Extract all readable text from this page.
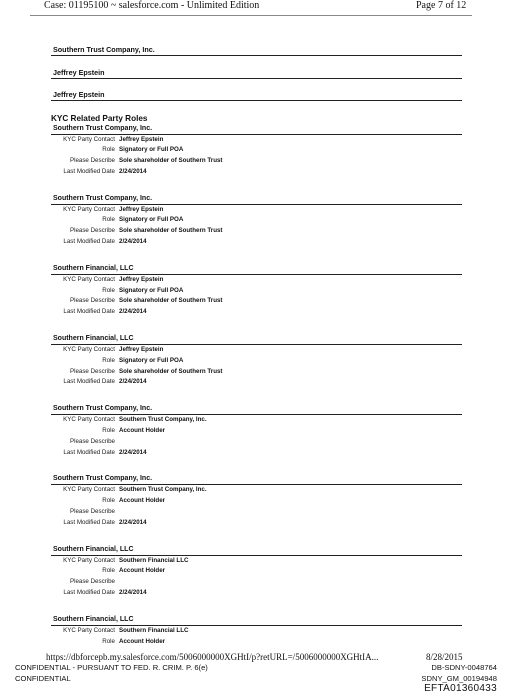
Case: 01195100 ~ salesforce.com - Unlimited Edition	Page 7 of 12
Southern Trust Company, Inc.
Jeffrey Epstein
Jeffrey Epstein
KYC Related Party Roles
Southern Trust Company, Inc.
KYC Party Contact Jeffrey Epstein
Role Signatory or Full POA
Please Describe Sole shareholder of Southern Trust
Last Modified Date 2/24/2014
Southern Trust Company, Inc.
KYC Party Contact Jeffrey Epstein
Role Signatory or Full POA
Please Describe Sole shareholder of Southern Trust
Last Modified Date 2/24/2014
Southern Financial, LLC
KYC Party Contact Jeffrey Epstein
Role Signatory or Full POA
Please Describe Sole shareholder of Southern Trust
Last Modified Date 2/24/2014
Southern Financial, LLC
KYC Party Contact Jeffrey Epstein
Role Signatory or Full POA
Please Describe Sole shareholder of Southern Trust
Last Modified Date 2/24/2014
Southern Trust Company, Inc.
KYC Party Contact Southern Trust Company, Inc.
Role Account Holder
Please Describe
Last Modified Date 2/24/2014
Southern Trust Company, Inc.
KYC Party Contact Southern Trust Company, Inc.
Role Account Holder
Please Describe
Last Modified Date 2/24/2014
Southern Financial, LLC
KYC Party Contact Southern Financial LLC
Role Account Holder
Please Describe
Last Modified Date 2/24/2014
Southern Financial, LLC
KYC Party Contact Southern Financial LLC
Role Account Holder
https://dbforcepb.my.salesforce.com/5006000000XGHtI/p?retURL=/5006000000XGHtIA...	8/28/2015
CONFIDENTIAL - PURSUANT TO FED. R. CRIM. P. 6(e)
CONFIDENTIAL
DB-SDNY-0048764
SDNY_GM_00194948
EFTA01360433
